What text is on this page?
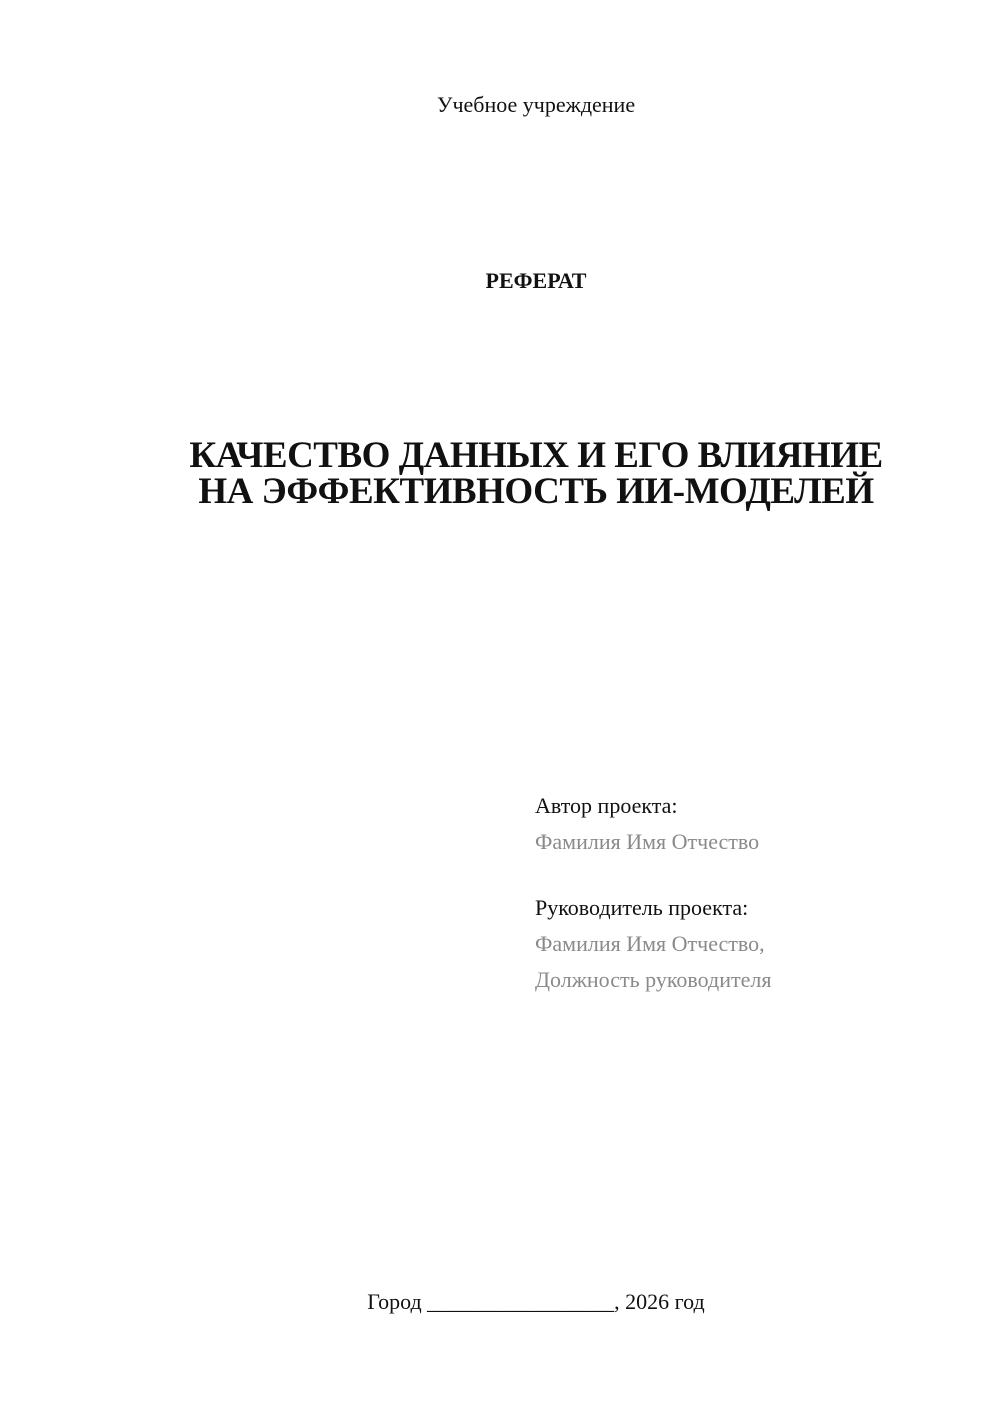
Учебное учреждение
РЕФЕРАТ
КАЧЕСТВО ДАННЫХ И ЕГО ВЛИЯНИЕ
НА ЭФФЕКТИВНОСТЬ ИИ-МОДЕЛЕЙ
Автор проекта:
Фамилия Имя Отчество
Руководитель проекта:
Фамилия Имя Отчество,
Должность руководителя
Город _________________, 2026 год
